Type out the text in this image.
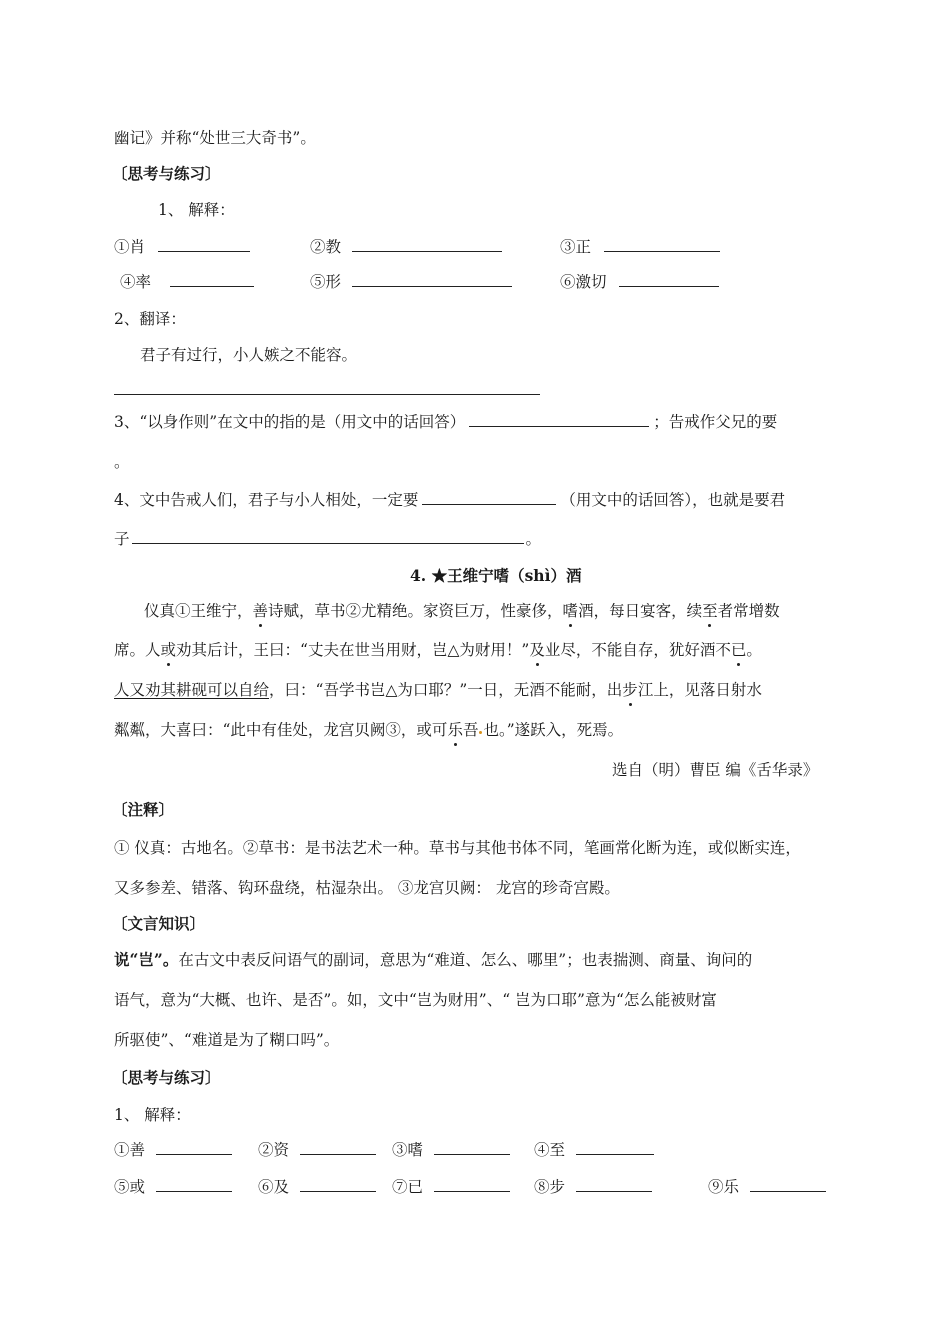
幽记》并称“处世三大奇书”。
〔思考与练习〕
1、 解释：
①肖	②教	③正
④率	⑤形	⑥激切
2、翻译：
君子有过行，小人嫉之不能容。
3、“以身作则”在文中的指的是（用文中的话回答）	；告戒作父兄的要
。
4、文中告戒人们，君子与小人相处，一定要	（用文中的话回答），也就是要君
子	。
4. ★王维宁嗜（shì）酒
仪真①王维宁，善诗赋，草书②尤精绝。家资巨万，性豪侈，嗜酒，每日宴客，续至者常增数
席。人或劝其后计，王曰：“丈夫在世当用财，岂△为财用！”及业尽，不能自存，犹好酒不已。
人又劝其耕砚可以自给，曰：“吾学书岂△为口耶？”一日，无酒不能耐，出步江上，见落日射水
粼粼，大喜曰：“此中有佳处，龙宫贝阙③，或可乐吾 也。”遂跃入，死焉。
选自（明）曹臣 编《舌华录》
〔注释〕
① 仪真：古地名。②草书：是书法艺术一种。草书与其他书体不同，笔画常化断为连，或似断实连，
又多参差、错落、钩环盘绕，枯湿杂出。 ③龙宫贝阙： 龙宫的珍奇宫殿。
〔文言知识〕
说“岂”。在古文中表反问语气的副词，意思为“难道、怎么、哪里”；也表揣测、商量、询问的
语气，意为“大概、也许、是否”。如，文中“岂为财用”、“ 岂为口耶”意为“怎么能被财富
所驱使”、“难道是为了糊口吗”。
〔思考与练习〕
1、 解释：
①善	②资	③嗜	④至
⑤或	⑥及	⑦已	⑧步	⑨乐
